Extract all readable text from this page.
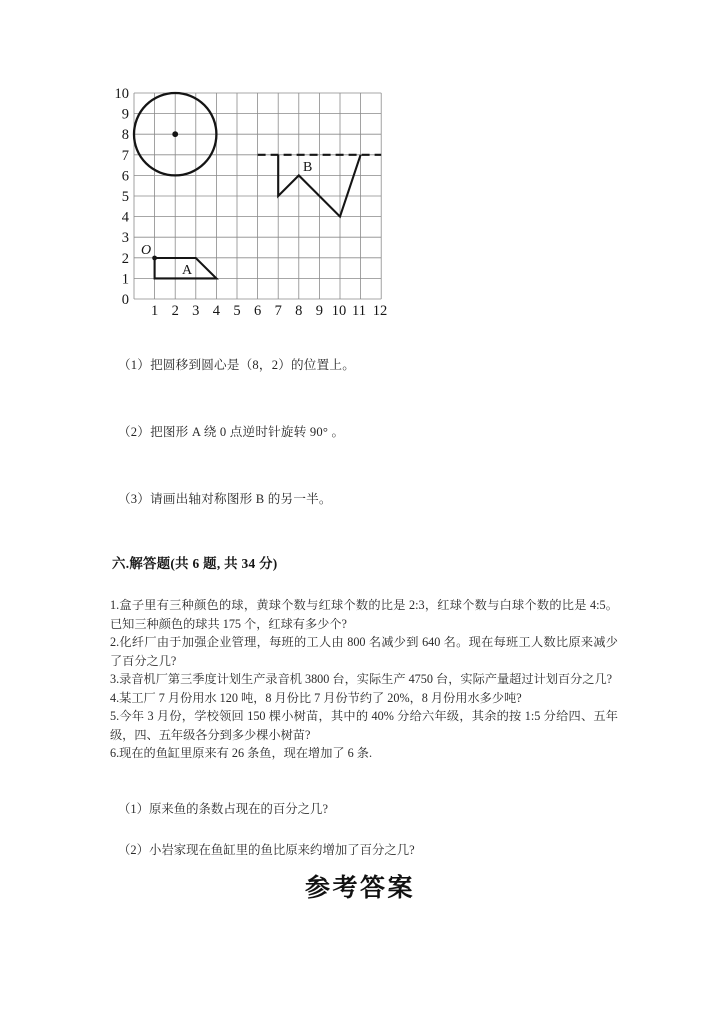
O
A
B
10
9
8
7
6
5
4
3
2
1
0
1 2 3 4 5 6 7 8 9 10 11 12
（1）把圆移到圆心是（8，2）的位置上。
（2）把图形 A 绕 0 点逆时针旋转 90° 。
（3）请画出轴对称图形 B 的另一半。
六.解答题(共 6 题, 共 34 分)

1.盒子里有三种颜色的球，黄球个数与红球个数的比是 2:3，红球个数与白球个数的比是 4:5。已知三种颜色的球共 175 个，红球有多少个?

2.化纤厂由于加强企业管理，每班的工人由 800 名减少到 640 名。现在每班工人数比原来减少了百分之几?

3.录音机厂第三季度计划生产录音机 3800 台，实际生产 4750 台，实际产量超过计划百分之几?

4.某工厂 7 月份用水 120 吨，8 月份比 7 月份节约了 20%，8 月份用水多少吨?

5.今年 3 月份，学校领回 150 棵小树苗，其中的 40% 分给六年级，其余的按 1:5 分给四、五年级，四、五年级各分到多少棵小树苗?

6.现在的鱼缸里原来有 26 条鱼，现在增加了 6 条.

（1）原来鱼的条数占现在的百分之几?
（2）小岩家现在鱼缸里的鱼比原来约增加了百分之几?
参考答案
